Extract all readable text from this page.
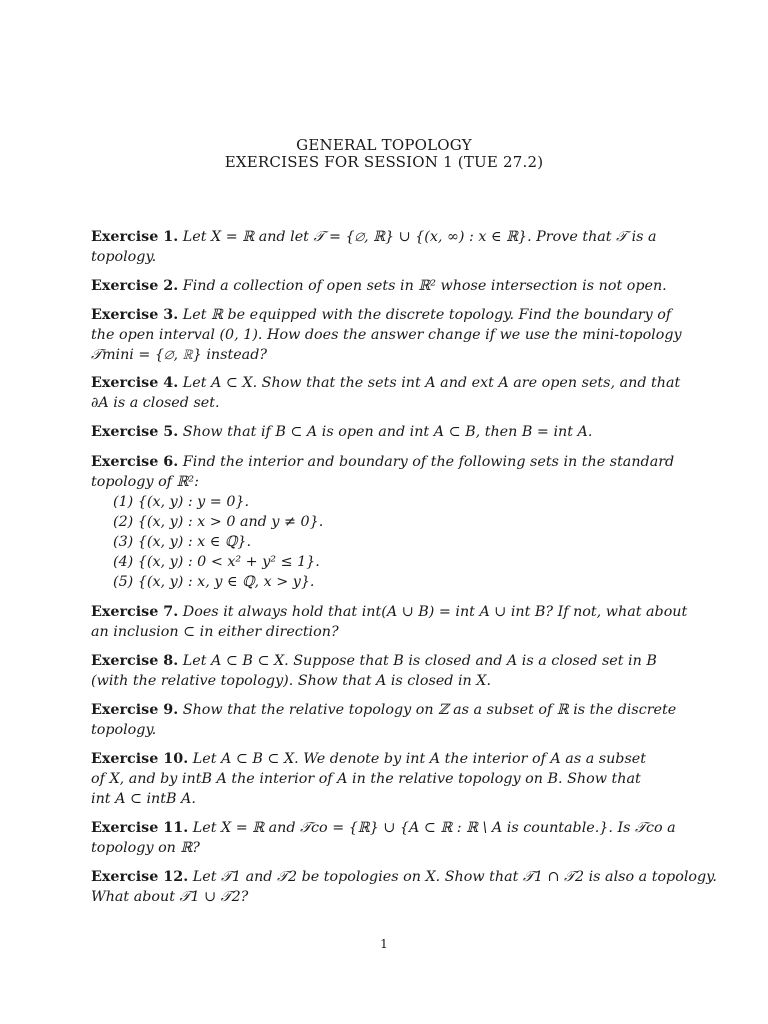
GENERAL TOPOLOGY
EXERCISES FOR SESSION 1 (TUE 27.2)
Exercise 1. Let X = ℝ and let 𝒯 = {∅, ℝ} ∪ {(x, ∞) : x ∈ ℝ}. Prove that 𝒯 is a
topology.
Exercise 2. Find a collection of open sets in ℝ² whose intersection is not open.
Exercise 3. Let ℝ be equipped with the discrete topology. Find the boundary of
the open interval (0, 1). How does the answer change if we use the mini-topology
𝒯mini = {∅, ℝ} instead?
Exercise 4. Let A ⊂ X. Show that the sets int A and ext A are open sets, and that
∂A is a closed set.
Exercise 5. Show that if B ⊂ A is open and int A ⊂ B, then B = int A.
Exercise 6. Find the interior and boundary of the following sets in the standard
topology of ℝ²:
(1) {(x, y) : y = 0}.
(2) {(x, y) : x > 0 and y ≠ 0}.
(3) {(x, y) : x ∈ ℚ}.
(4) {(x, y) : 0 < x² + y² ≤ 1}.
(5) {(x, y) : x, y ∈ ℚ, x > y}.
Exercise 7. Does it always hold that int(A ∪ B) = int A ∪ int B? If not, what about
an inclusion ⊂ in either direction?
Exercise 8. Let A ⊂ B ⊂ X. Suppose that B is closed and A is a closed set in B
(with the relative topology). Show that A is closed in X.
Exercise 9. Show that the relative topology on ℤ as a subset of ℝ is the discrete
topology.
Exercise 10. Let A ⊂ B ⊂ X. We denote by int A the interior of A as a subset
of X, and by intB A the interior of A in the relative topology on B. Show that
int A ⊂ intB A.
Exercise 11. Let X = ℝ and 𝒯co = {ℝ} ∪ {A ⊂ ℝ : ℝ \ A is countable.}. Is 𝒯co a
topology on ℝ?
Exercise 12. Let 𝒯1 and 𝒯2 be topologies on X. Show that 𝒯1 ∩ 𝒯2 is also a topology.
What about 𝒯1 ∪ 𝒯2?
1
